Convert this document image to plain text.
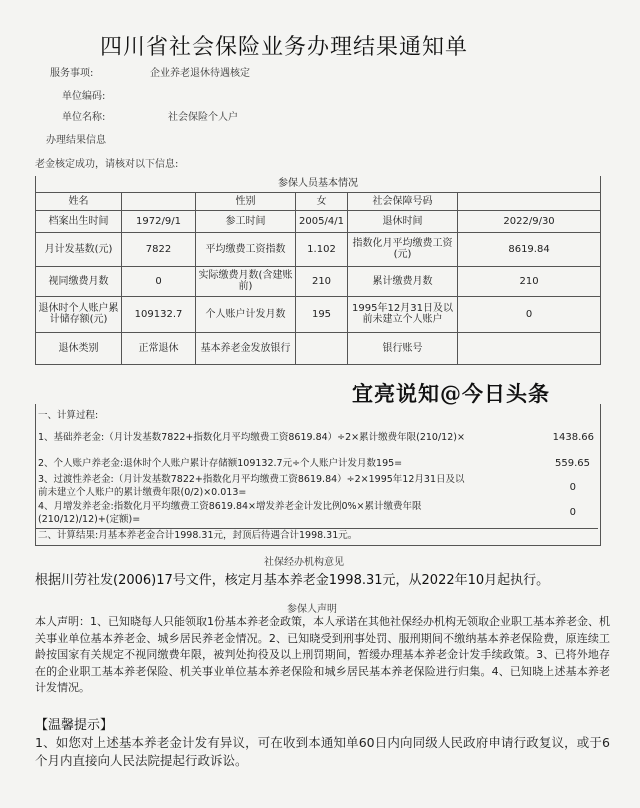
四川省社会保险业务办理结果通知单
服务事项:	企业养老退休待遇核定
单位编码:
单位名称:	社会保险个人户
办理结果信息
老金核定成功，请核对以下信息:
参保人员基本情况					
姓名		性别	女	社会保障号码	
档案出生时间	1972/9/1	参工时间	2005/4/1	退休时间	2022/9/30
月计发基数(元)	7822	平均缴费工资指数	1.102	指数化月平均缴费工资(元)	8619.84
视同缴费月数	0	实际缴费月数(含建账前)	210	累计缴费月数	210
退休时个人账户累计储存额(元)	109132.7	个人账户计发月数	195	1995年12月31日及以前未建立个人账户	0
退休类别	正常退休	基本养老金发放银行		银行账号	
一、计算过程:
1、基础养老金:（月计发基数7822+指数化月平均缴费工资8619.84）÷2×累计缴费年限(210/12)×	1438.66
2、个人账户养老金:退休时个人账户累计存储额109132.7元÷个人账户计发月数195=	559.65
3、过渡性养老金:（月计发基数7822+指数化月平均缴费工资8619.84）÷2×1995年12月31日及以
前未建立个人账户的累计缴费年限(0/2)×0.013=	0
4、月增发养老金:指数化月平均缴费工资8619.84×增发养老金计发比例0%×累计缴费年限
(210/12)/12)+(定额)=
0
二、计算结果:月基本养老金合计1998.31元，封顶后待遇合计1998.31元。
宜亮说知@今日头条
社保经办机构意见
根据川劳社发(2006)17号文件，核定月基本养老金1998.31元，从2022年10月起执行。
参保人声明
本人声明：1、已知晓每人只能领取1份基本养老金政策，本人承诺在其他社保经办机构无领取企业职工基本养老金、机关事业单位基本养老金、城乡居民养老金情况。2、已知晓受到刑事处罚、服刑期间不缴纳基本养老保险费，原连续工龄按国家有关规定不视同缴费年限，被判处拘役及以上刑罚期间，暂缓办理基本养老金计发手续政策。3、已将外地存在的企业职工基本养老保险、机关事业单位基本养老保险和城乡居民基本养老保险进行归集。4、已知晓上述基本养老计发情况。
【温馨提示】
1、如您对上述基本养老金计发有异议，可在收到本通知单60日内向同级人民政府申请行政复议，或于6个月内直接向人民法院提起行政诉讼。
